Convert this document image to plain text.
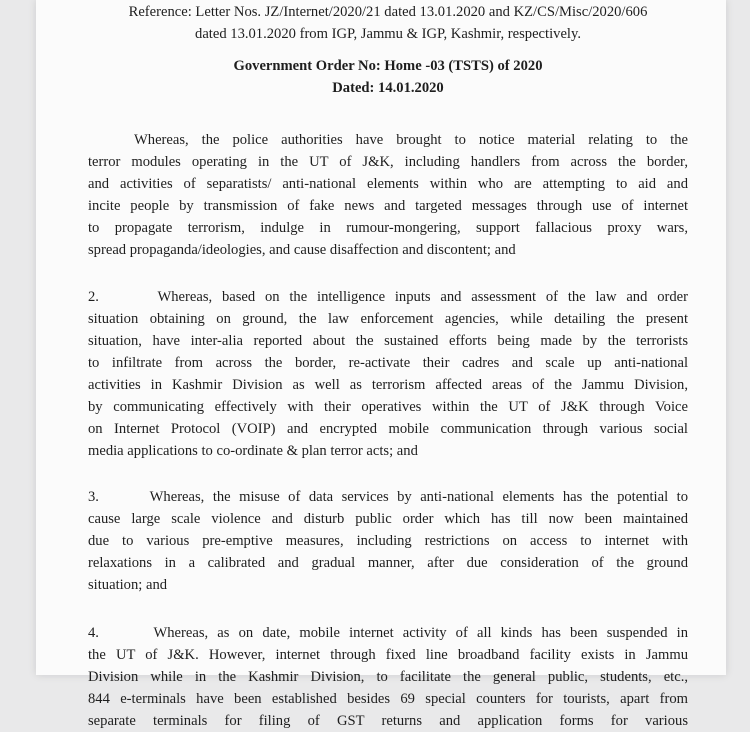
Reference: Letter Nos. JZ/Internet/2020/21 dated 13.01.2020 and KZ/CS/Misc/2020/606
dated 13.01.2020 from IGP, Jammu & IGP, Kashmir, respectively.
Government Order No: Home -03 (TSTS) of 2020
Dated: 14.01.2020

Whereas, the police authorities have brought to notice material relating to the
terror modules operating in the UT of J&K, including handlers from across the border,
and activities of separatists/ anti-national elements within who are attempting to aid and
incite people by transmission of fake news and targeted messages through use of internet
to propagate terrorism, indulge in rumour-mongering, support fallacious proxy wars,
spread propaganda/ideologies, and cause disaffection and discontent; and

2.      Whereas, based on the intelligence inputs and assessment of the law and order
situation obtaining on ground, the law enforcement agencies, while detailing the present
situation, have inter-alia reported about the sustained efforts being made by the terrorists
to infiltrate from across the border, re-activate their cadres and scale up anti-national
activities in Kashmir Division as well as terrorism affected areas of the Jammu Division,
by communicating effectively with their operatives within the UT of J&K through Voice
on Internet Protocol (VOIP) and encrypted mobile communication through various social
media applications to co-ordinate & plan terror acts; and

3.      Whereas, the misuse of data services by anti-national elements has the potential to
cause large scale violence and disturb public order which has till now been maintained
due to various pre-emptive measures, including restrictions on access to internet with
relaxations in a calibrated and gradual manner, after due consideration of the ground
situation; and

4.      Whereas, as on date, mobile internet activity of all kinds has been suspended in
the UT of J&K. However, internet through fixed line broadband facility exists in Jammu
Division while in the Kashmir Division, to facilitate the general public, students, etc.,
844 e-terminals have been established besides 69 special counters for tourists, apart from
separate terminals for filing of GST returns and application forms for various
